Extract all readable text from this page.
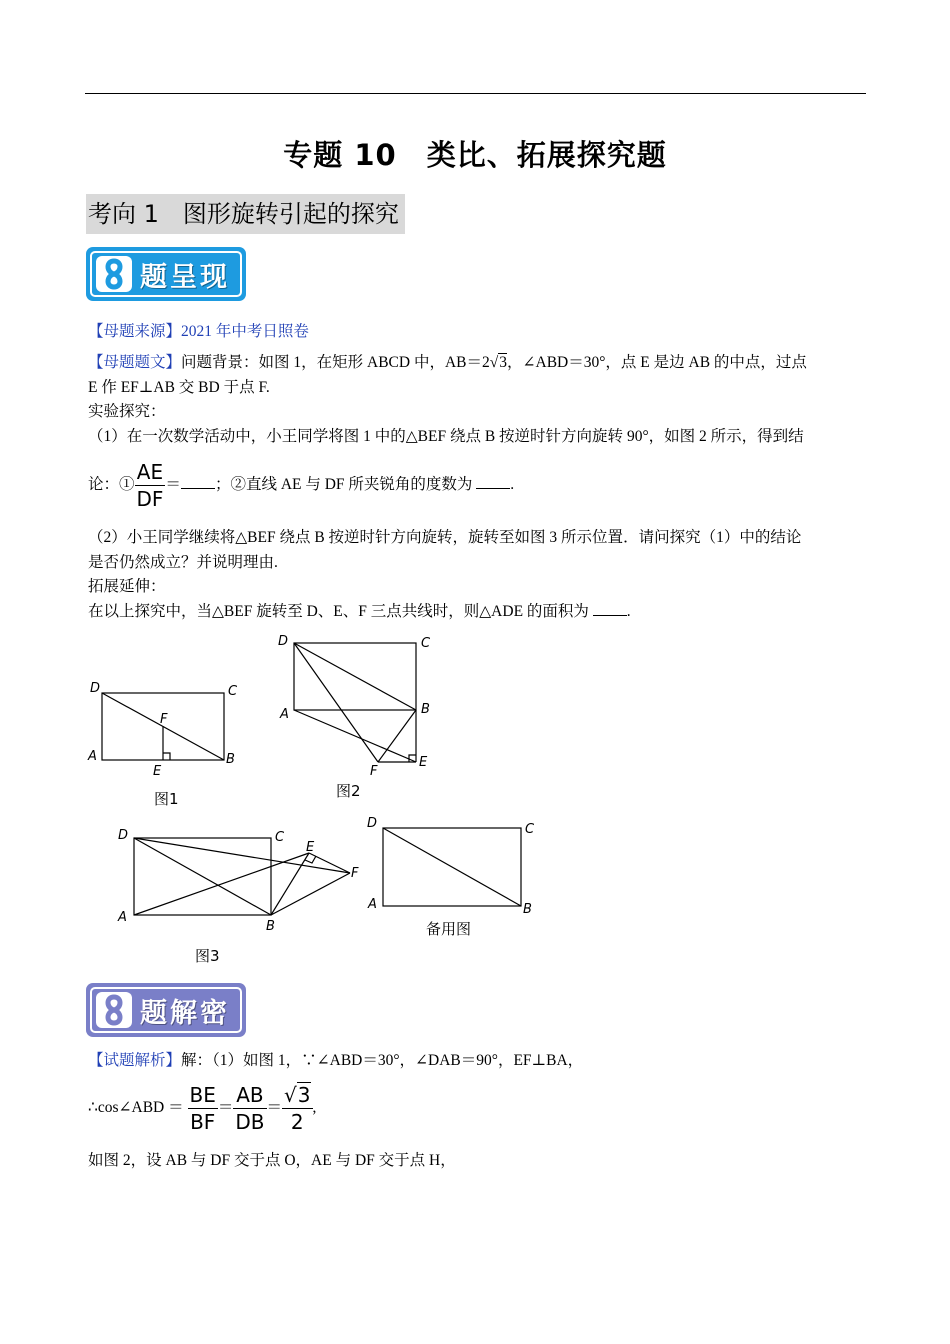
专题 10　类比、拓展探究题
考向 1　图形旋转引起的探究
题呈现
【母题来源】2021 年中考日照卷
【母题题文】问题背景：如图 1，在矩形 ABCD 中，AB＝2√3，∠ABD＝30°，点 E 是边 AB 的中点，过点
E 作 EF⊥AB 交 BD 于点 F.
实验探究：
（1）在一次数学活动中，小王同学将图 1 中的△BEF 绕点 B 按逆时针方向旋转 90°，如图 2 所示，得到结
论：① $\frac{AE}{DF}$ ＝ ；②直线 AE 与 DF 所夹锐角的度数为 .
（2）小王同学继续将△BEF 绕点 B 按逆时针方向旋转，旋转至如图 3 所示位置．请问探究（1）中的结论
是否仍然成立？并说明理由.
拓展延伸：
在以上探究中，当△BEF 旋转至 D、E、F 三点共线时，则△ADE 的面积为 .
D	C
A	B
F
E
D	C
A	B
F
E
D	C
A
B
E
F
D	C
A	B
图1	图2
图3
备用图
题解密
【试题解析】解：（1）如图 1，∵∠ABD＝30°，∠DAB＝90°，EF⊥BA，
∴cos∠ABD ＝ $\frac{BE}{BF} = \frac{AB}{DB} = \frac{√3}{2}$ ,
如图 2，设 AB 与 DF 交于点 O，AE 与 DF 交于点 H，
